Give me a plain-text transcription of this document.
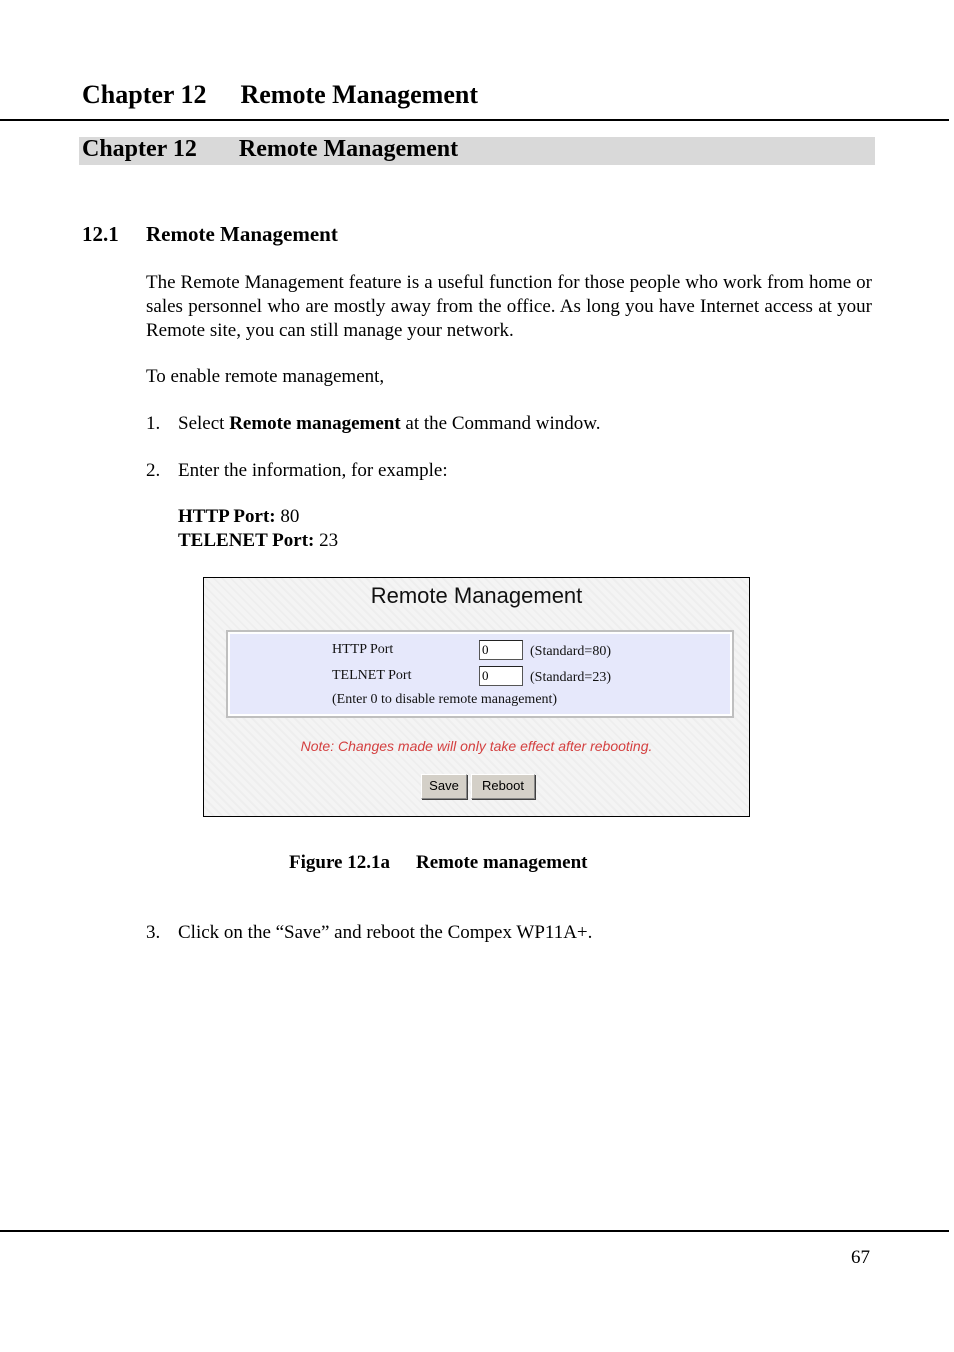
Chapter 12 Remote Management
Chapter 12 Remote Management
12.1 Remote Management
The Remote Management feature is a useful function for those people who work from home or sales personnel who are mostly away from the office. As long you have Internet access at your Remote site, you can still manage your network.
To enable remote management,
1. Select Remote management at the Command window.
2. Enter the information, for example:
HTTP Port: 80
TELENET Port: 23
Remote Management
HTTP Port	0	(Standard=80)
TELNET Port	0	(Standard=23)
(Enter 0 to disable remote management)
Note: Changes made will only take effect after rebooting.
Save	Reboot
Figure 12.1a Remote management
3. Click on the “Save” and reboot the Compex WP11A+.
67
